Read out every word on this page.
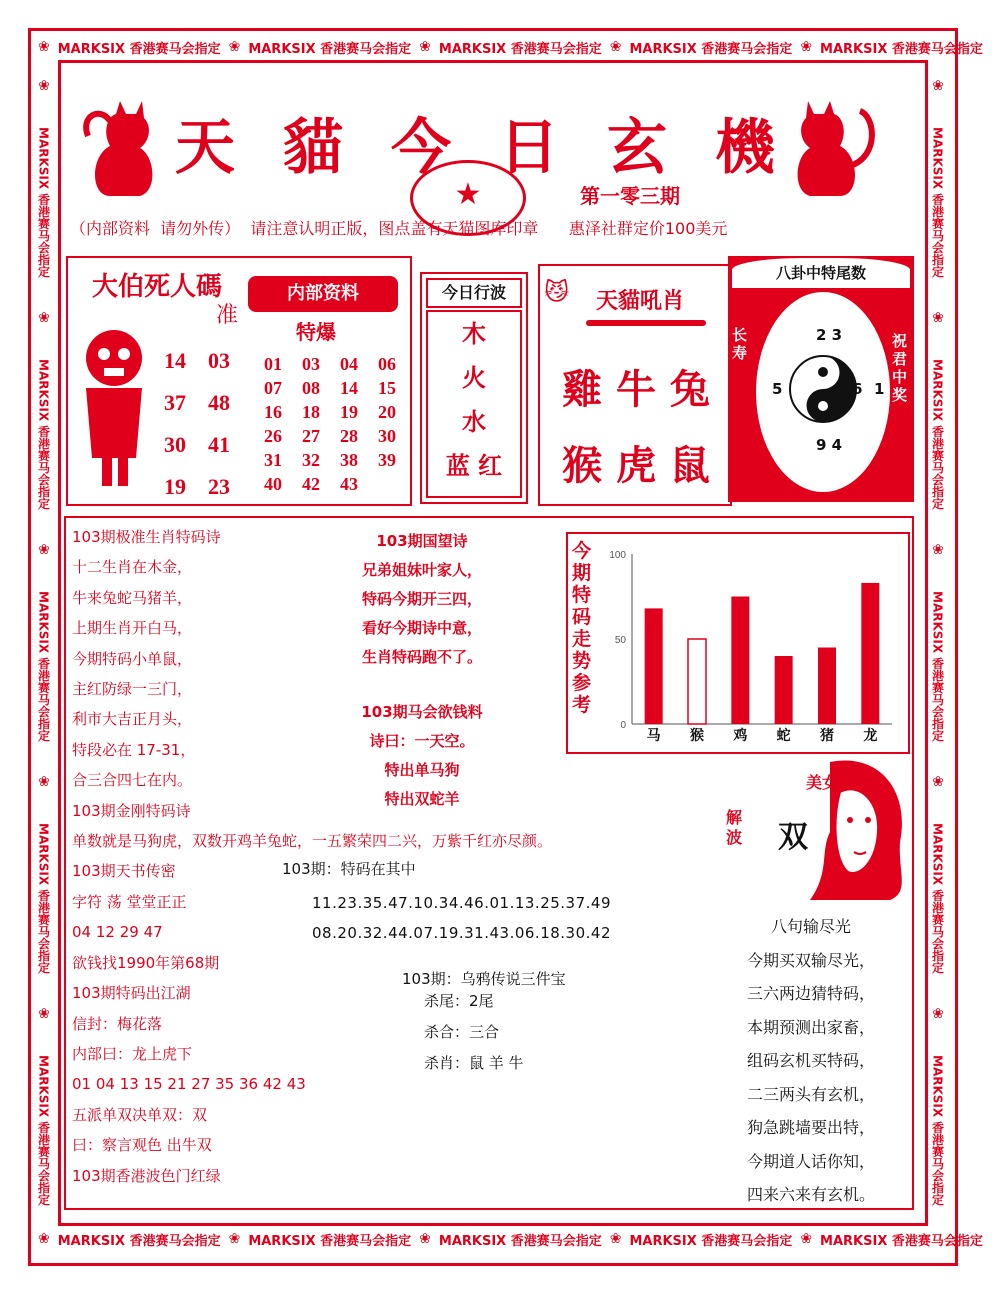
❀ MARKSIX 香港赛马会指定 ❀ MARKSIX 香港赛马会指定 ❀ MARKSIX 香港赛马会指定 ❀ MARKSIX 香港赛马会指定 ❀ MARKSIX 香港赛马会指定
❀ MARKSIX 香港赛马会指定 ❀ MARKSIX 香港赛马会指定 ❀ MARKSIX 香港赛马会指定 ❀ MARKSIX 香港赛马会指定 ❀ MARKSIX 香港赛马会指定
❀
MARKSIX 香港赛马会指定
❀
MARKSIX 香港赛马会指定
❀
MARKSIX 香港赛马会指定
❀
MARKSIX 香港赛马会指定
❀
MARKSIX 香港赛马会指定
❀
MARKSIX 香港赛马会指定
❀
MARKSIX 香港赛马会指定
❀
MARKSIX 香港赛马会指定
❀
MARKSIX 香港赛马会指定
❀
MARKSIX 香港赛马会指定
天 貓 今 日 玄 機
★	第一零三期
（内部资料  请勿外传）  请注意认明正版，图点盖有天猫图库印章      惠泽社群定价100美元
大伯死人碼
准
14	03
37	48
30	41
19	23
内部资料
特爆
01	03	04	06
07	08	14	15
16	18	19	20
26	27	28	30
31	32	38	39
40	42	43
今日行波
木
火
水
蓝 红
😼 天貓吼肖
雞 牛 兔
猴 虎 鼠
八卦中特尾数
长寿
祝君中奖
2 3
5	6 1
9 4
103期极准生肖特码诗
十二生肖在木金，
牛来兔蛇马猪羊，
上期生肖开白马，
今期特码小单鼠，
主红防绿一三门，
利市大吉正月头，
特段必在 17-31，
合三合四七在内。
103期金刚特码诗
单数就是马狗虎，双数开鸡羊兔蛇，一五繁荣四二兴，万紫千红亦尽颜。
103期天书传密
字符 荡 堂堂正正
04 12 29 47
欲钱找1990年第68期
103期特码出江湖
信封：梅花落
内部曰：龙上虎下
01 04 13 15 21 27 35 36 42 43
五派单双决单双：双
曰：察言观色 出牛双
103期香港波色门红绿
103期国望诗
兄弟姐妹叶家人，
特码今期开三四，
看好今期诗中意，
生肖特码跑不了。
103期马会欲钱料
诗曰：一天空。
特出单马狗
特出双蛇羊
103期：特码在其中
11.23.35.47.10.34.46.01.13.25.37.49
08.20.32.44.07.19.31.43.06.18.30.42
103期：乌鸦传说三件宝
杀尾：2尾
杀合：三合
杀肖：鼠 羊 牛
今期特码走势参考
0
50
100
马 猴 鸡 蛇 猪 龙
美女
解波 双
八句输尽光
今期买双输尽光，
三六两边猜特码，
本期预测出家畜，
组码玄机买特码，
二三两头有玄机，
狗急跳墙要出特，
今期道人话你知，
四来六来有玄机。
